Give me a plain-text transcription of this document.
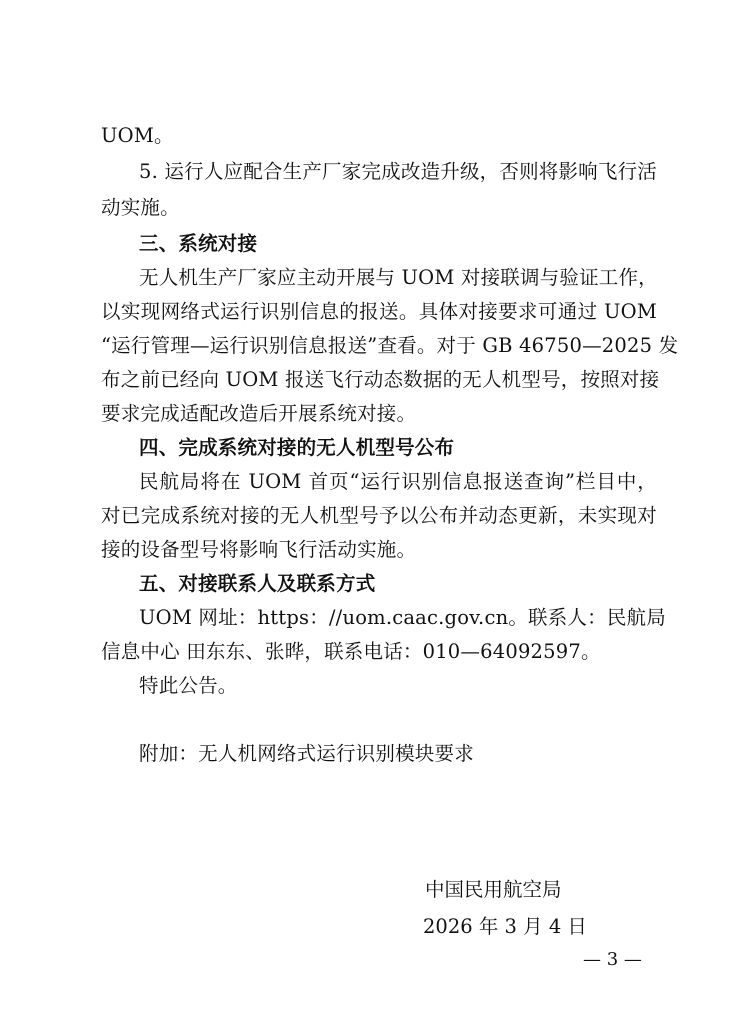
UOM。
5. 运行人应配合生产厂家完成改造升级，否则将影响飞行活
动实施。
三、系统对接
无人机生产厂家应主动开展与 UOM 对接联调与验证工作，
以实现网络式运行识别信息的报送。具体对接要求可通过 UOM
“运行管理—运行识别信息报送”查看。对于 GB 46750—2025 发
布之前已经向 UOM 报送飞行动态数据的无人机型号，按照对接
要求完成适配改造后开展系统对接。
四、完成系统对接的无人机型号公布
民航局将在 UOM 首页“运行识别信息报送查询”栏目中，
对已完成系统对接的无人机型号予以公布并动态更新，未实现对
接的设备型号将影响飞行活动实施。
五、对接联系人及联系方式
UOM 网址：https：//uom.caac.gov.cn。联系人：民航局
信息中心 田东东、张晔，联系电话：010—64092597。
特此公告。
附加：无人机网络式运行识别模块要求
中国民用航空局
2026 年 3 月 4 日
— 3 —
